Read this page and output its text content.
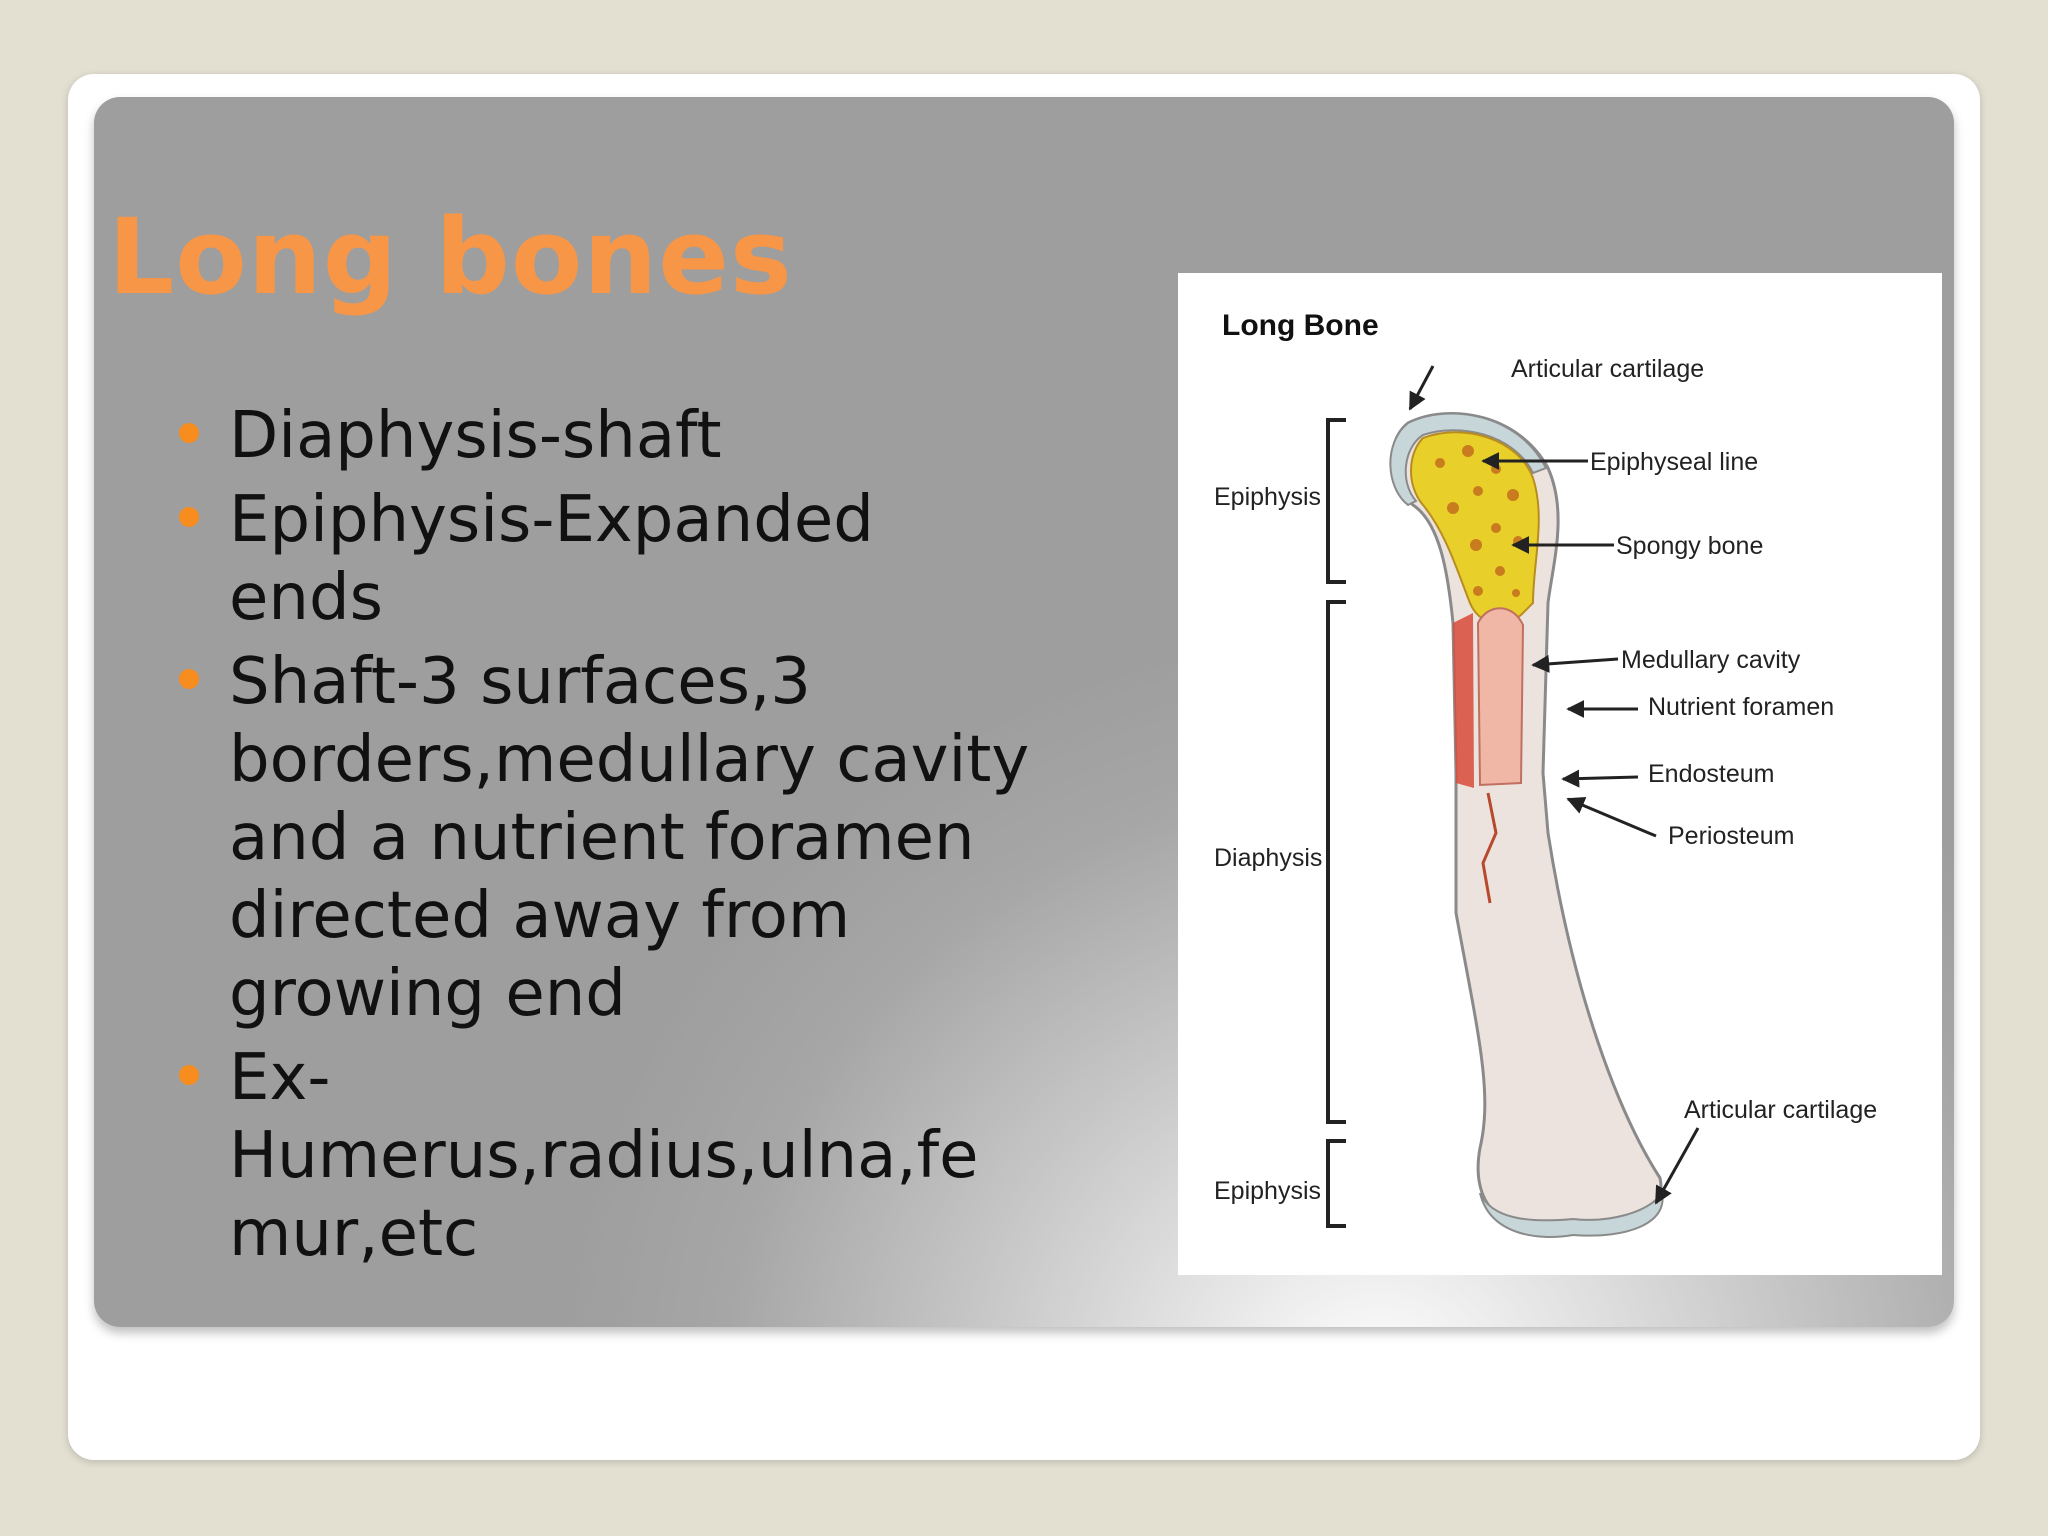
Long bones
Diaphysis-shaft
Epiphysis-Expanded ends
Shaft-3 surfaces,3 borders,medullary cavity and a nutrient foramen directed away from growing end
Ex-Humerus,radius,ulna,femur,etc
Long Bone
Epiphysis
Diaphysis
Epiphysis
Articular cartilage
Epiphyseal line
Spongy bone
Medullary cavity
Nutrient foramen
Endosteum
Periosteum
Articular cartilage
